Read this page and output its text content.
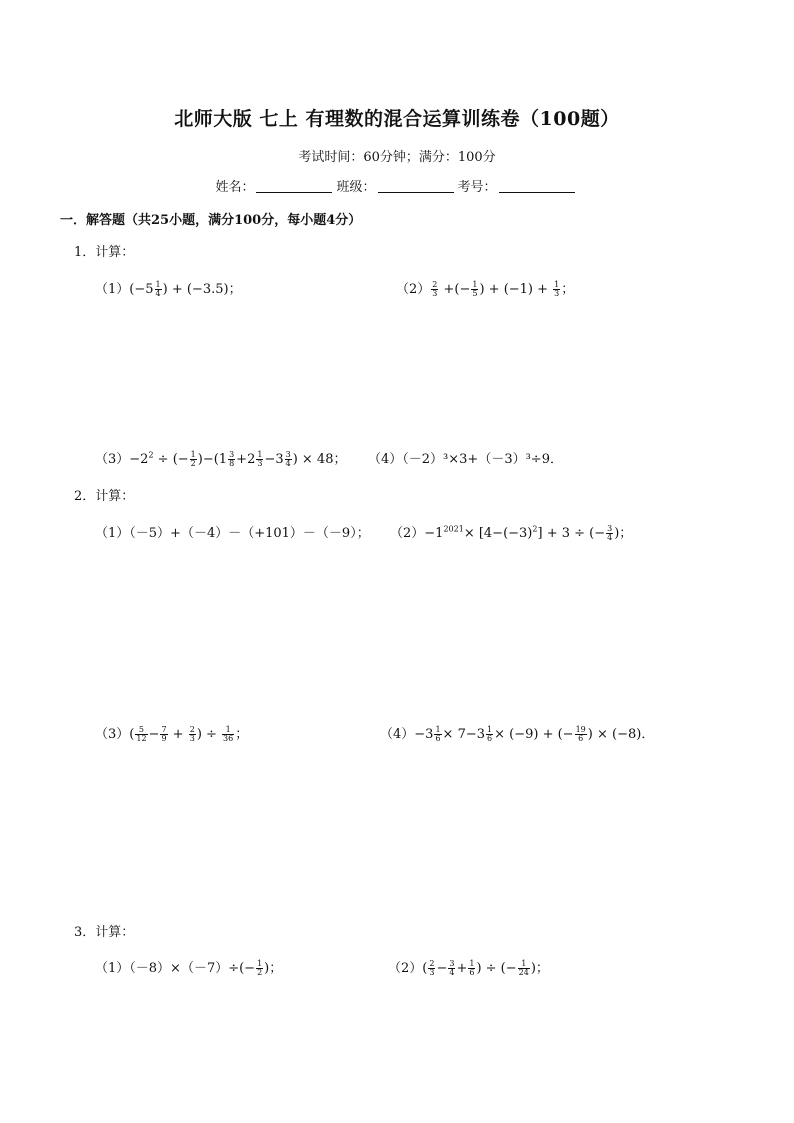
北师大版 七上 有理数的混合运算训练卷（100题）
考试时间：60分钟；满分：100分
姓名：	班级：	考号：
一．解答题（共25小题，满分100分，每小题4分）
1．计算：
$(1)(-5 \frac{1}{4}$ ) + (−3.5)；	$(2) \frac{2}{3}$ +(− $\frac{1}{5}$ ) + $(-1) + \frac{1}{3}$ ；
$(3)-2^2$ ÷ (− $\frac{1}{2} )-(1 \frac{3}{8} +2 \frac{1}{3} -3 \frac{3}{4}$ ) × 48； （4）（－2）³×3+（－3）³÷9．
2．计算：
（1）（－5）+（－4）－（+101）－（－9）； $(2)-1^{2021}\times [4-(-3)^2] + 3$ ÷ (− $\frac{3}{4}$ )；
$(3)( \frac{5}{12} - \frac{7}{9} + \frac{2}{3}$ ) ÷ $\frac{1}{36}$ ；	$(4)-3 \frac{1}{6} \times 7-3 \frac{1}{6} \times (-9)$ + (− $\frac{19}{6}$ ) × (−8)．
3．计算：
$(1)(-8)\times(-7)\div(- \frac{1}{2}$ )；	$(2)( \frac{2}{3} - \frac{3}{4} + \frac{1}{6}$ ) ÷ (− $\frac{1}{24}$ )；
